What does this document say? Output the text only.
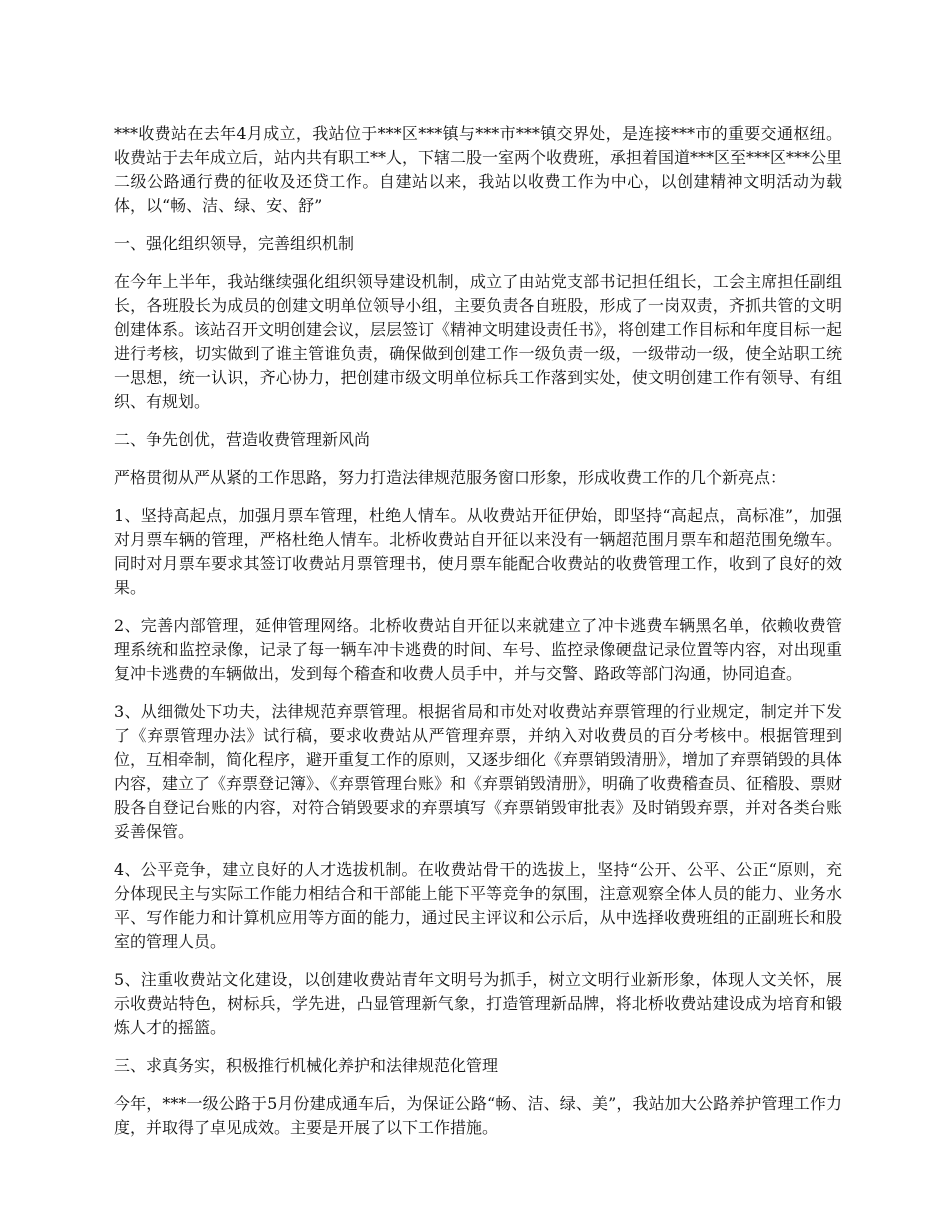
***收费站在去年4月成立，我站位于***区***镇与***市***镇交界处，是连接***市的重要交通枢纽。收费站于去年成立后，站内共有职工**人，下辖二股一室两个收费班，承担着国道***区至***区***公里二级公路通行费的征收及还贷工作。自建站以来，我站以收费工作为中心，以创建精神文明活动为载体，以“畅、洁、绿、安、舒”

一、强化组织领导，完善组织机制

在今年上半年，我站继续强化组织领导建设机制，成立了由站党支部书记担任组长，工会主席担任副组长，各班股长为成员的创建文明单位领导小组，主要负责各自班股，形成了一岗双责，齐抓共管的文明创建体系。该站召开文明创建会议，层层签订《精神文明建设责任书》，将创建工作目标和年度目标一起进行考核，切实做到了谁主管谁负责，确保做到创建工作一级负责一级，一级带动一级，使全站职工统一思想，统一认识，齐心协力，把创建市级文明单位标兵工作落到实处，使文明创建工作有领导、有组织、有规划。

二、争先创优，营造收费管理新风尚

严格贯彻从严从紧的工作思路，努力打造法律规范服务窗口形象，形成收费工作的几个新亮点：

1、坚持高起点，加强月票车管理，杜绝人情车。从收费站开征伊始，即坚持“高起点，高标准”，加强对月票车辆的管理，严格杜绝人情车。北桥收费站自开征以来没有一辆超范围月票车和超范围免缴车。同时对月票车要求其签订收费站月票管理书，使月票车能配合收费站的收费管理工作，收到了良好的效果。

2、完善内部管理，延伸管理网络。北桥收费站自开征以来就建立了冲卡逃费车辆黑名单，依赖收费管理系统和监控录像，记录了每一辆车冲卡逃费的时间、车号、监控录像硬盘记录位置等内容，对出现重复冲卡逃费的车辆做出，发到每个稽查和收费人员手中，并与交警、路政等部门沟通，协同追查。

3、从细微处下功夫，法律规范弃票管理。根据省局和市处对收费站弃票管理的行业规定，制定并下发了《弃票管理办法》试行稿，要求收费站从严管理弃票，并纳入对收费员的百分考核中。根据管理到位，互相牵制，简化程序，避开重复工作的原则，又逐步细化《弃票销毁清册》，增加了弃票销毁的具体内容，建立了《弃票登记簿》、《弃票管理台账》和《弃票销毁清册》，明确了收费稽查员、征稽股、票财股各自登记台账的内容，对符合销毁要求的弃票填写《弃票销毁审批表》及时销毁弃票，并对各类台账妥善保管。

4、公平竞争，建立良好的人才选拔机制。在收费站骨干的选拔上，坚持“公开、公平、公正“原则，充分体现民主与实际工作能力相结合和干部能上能下平等竞争的氛围，注意观察全体人员的能力、业务水平、写作能力和计算机应用等方面的能力，通过民主评议和公示后，从中选择收费班组的正副班长和股室的管理人员。

5、注重收费站文化建设，以创建收费站青年文明号为抓手，树立文明行业新形象，体现人文关怀，展示收费站特色，树标兵，学先进，凸显管理新气象，打造管理新品牌，将北桥收费站建设成为培育和锻炼人才的摇篮。

三、求真务实，积极推行机械化养护和法律规范化管理

今年，***一级公路于5月份建成通车后，为保证公路“畅、洁、绿、美”，我站加大公路养护管理工作力度，并取得了卓见成效。主要是开展了以下工作措施。
